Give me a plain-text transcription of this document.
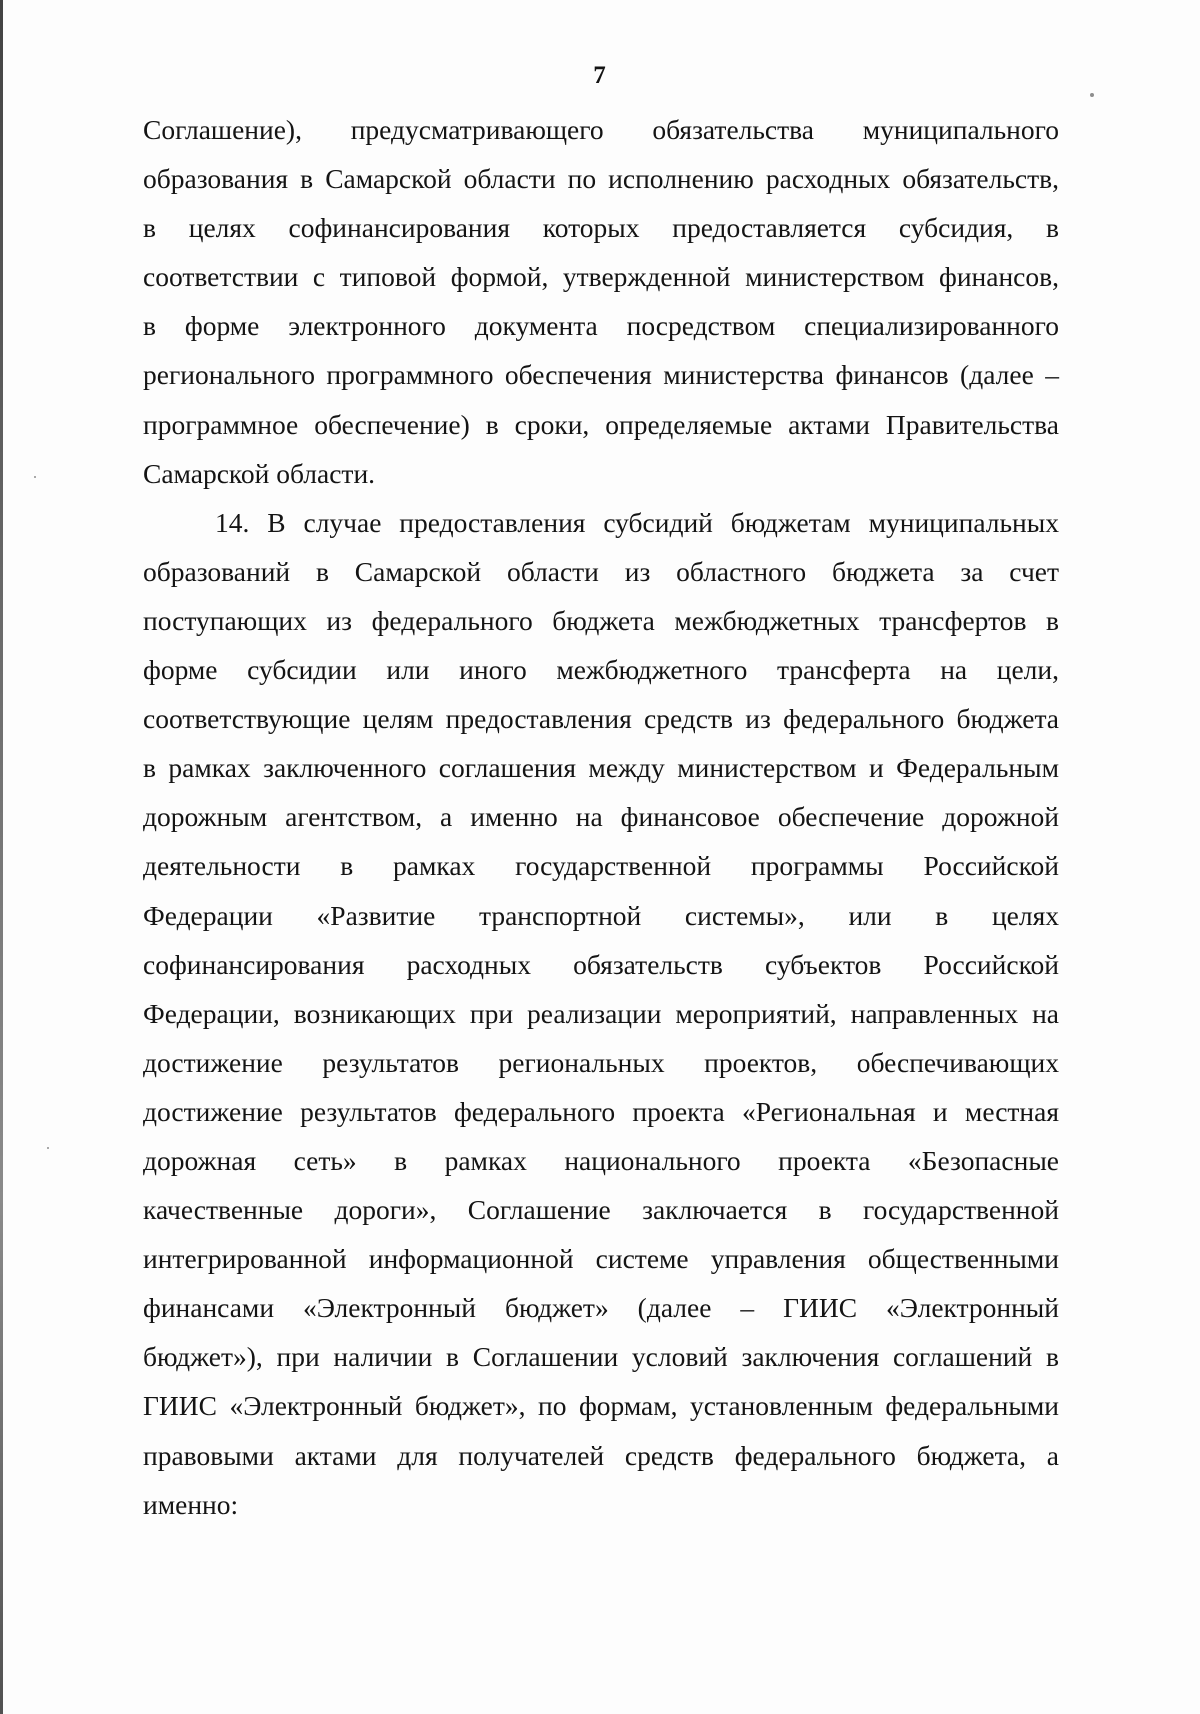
7
Соглашение), предусматривающего обязательства муниципального
образования в Самарской области по исполнению расходных обязательств,
в целях софинансирования которых предоставляется субсидия, в
соответствии с типовой формой, утвержденной министерством финансов,
в форме электронного документа посредством специализированного
регионального программного обеспечения министерства финансов (далее –
программное обеспечение) в сроки, определяемые актами Правительства
Самарской области.
14. В случае предоставления субсидий бюджетам муниципальных
образований в Самарской области из областного бюджета за счет
поступающих из федерального бюджета межбюджетных трансфертов в
форме субсидии или иного межбюджетного трансферта на цели,
соответствующие целям предоставления средств из федерального бюджета
в рамках заключенного соглашения между министерством и Федеральным
дорожным агентством, а именно на финансовое обеспечение дорожной
деятельности в рамках государственной программы Российской
Федерации «Развитие транспортной системы», или в целях
софинансирования расходных обязательств субъектов Российской
Федерации, возникающих при реализации мероприятий, направленных на
достижение результатов региональных проектов, обеспечивающих
достижение результатов федерального проекта «Региональная и местная
дорожная сеть» в рамках национального проекта «Безопасные
качественные дороги», Соглашение заключается в государственной
интегрированной информационной системе управления общественными
финансами «Электронный бюджет» (далее – ГИИС «Электронный
бюджет»), при наличии в Соглашении условий заключения соглашений в
ГИИС «Электронный бюджет», по формам, установленным федеральными
правовыми актами для получателей средств федерального бюджета, а
именно:
